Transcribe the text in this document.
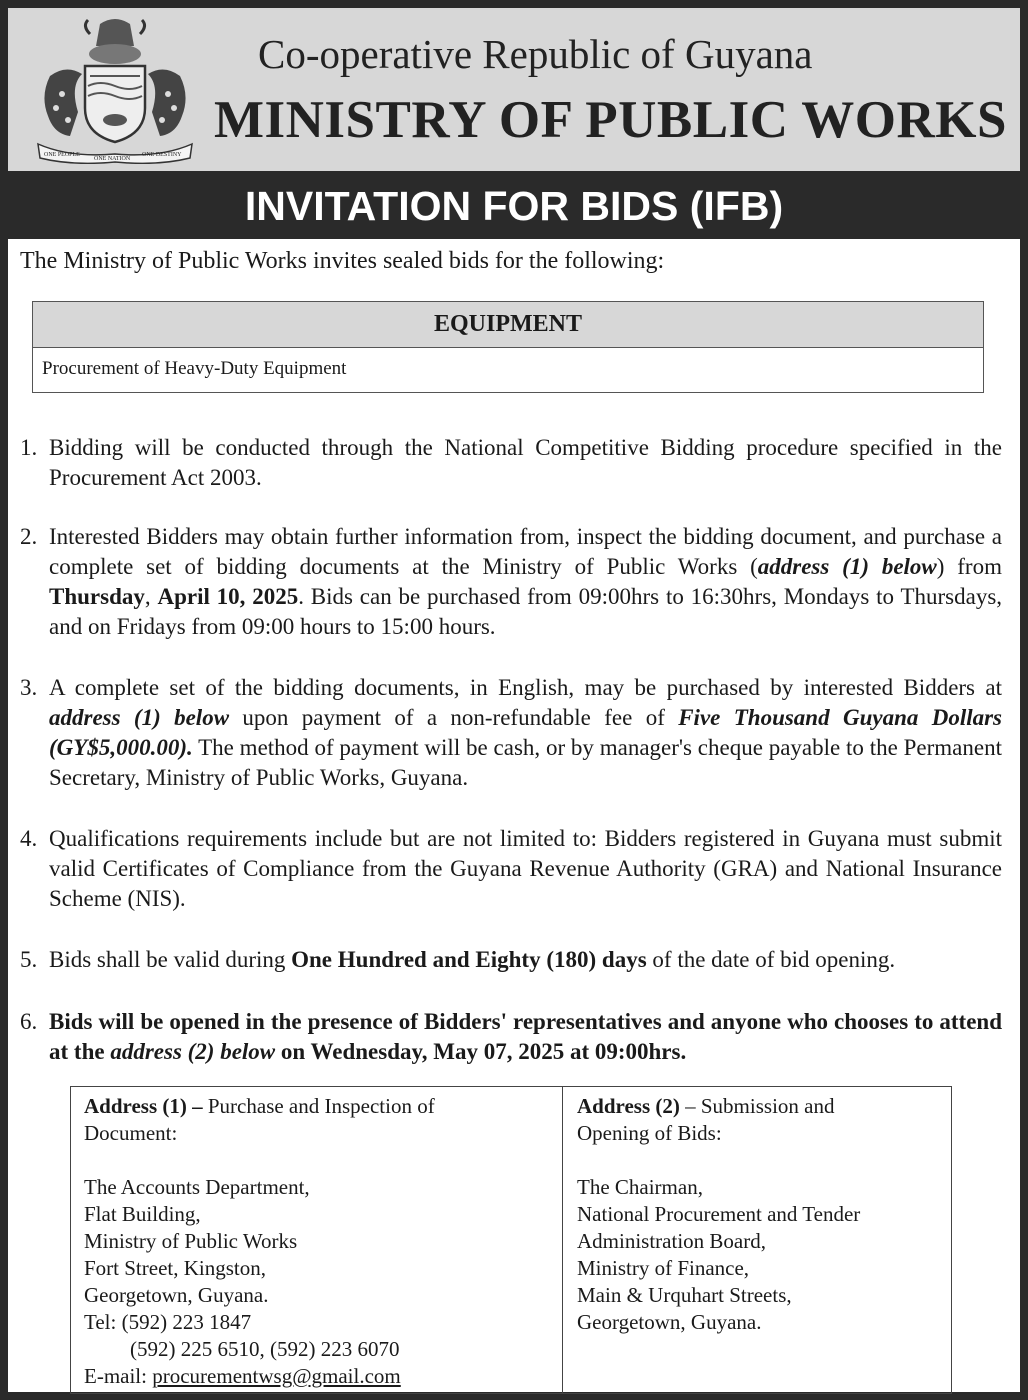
ONE PEOPLE
ONE NATION
ONE DESTINY
Co-operative Republic of Guyana
MINISTRY OF PUBLIC WORKS
INVITATION FOR BIDS (IFB)
The Ministry of Public Works invites sealed bids for the following:
EQUIPMENT
Procurement of Heavy-Duty Equipment
1. Bidding will be conducted through the National Competitive Bidding procedure specified in the Procurement Act 2003.
2. Interested Bidders may obtain further information from, inspect the bidding document, and purchase a complete set of bidding documents at the Ministry of Public Works (address (1) below) from Thursday, April 10, 2025. Bids can be purchased from 09:00hrs to 16:30hrs, Mondays to Thursdays, and on Fridays from 09:00 hours to 15:00 hours.
3. A complete set of the bidding documents, in English, may be purchased by interested Bidders at address (1) below upon payment of a non-refundable fee of Five Thousand Guyana Dollars (GY$5,000.00). The method of payment will be cash, or by manager's cheque payable to the Permanent Secretary, Ministry of Public Works, Guyana.
4. Qualifications requirements include but are not limited to: Bidders registered in Guyana must submit valid Certificates of Compliance from the Guyana Revenue Authority (GRA) and National Insurance Scheme (NIS).
5. Bids shall be valid during One Hundred and Eighty (180) days of the date of bid opening.
6. Bids will be opened in the presence of Bidders' representatives and anyone who chooses to attend at the address (2) below on Wednesday, May 07, 2025 at 09:00hrs.
Address (1) – Purchase and Inspection of
Document:
The Accounts Department,
Flat Building,
Ministry of Public Works
Fort Street, Kingston,
Georgetown, Guyana.
Tel: (592) 223 1847
(592) 225 6510, (592) 223 6070
E-mail: procurementwsg@gmail.com
Address (2) – Submission and
Opening of Bids:
The Chairman,
National Procurement and Tender
Administration Board,
Ministry of Finance,
Main & Urquhart Streets,
Georgetown, Guyana.
